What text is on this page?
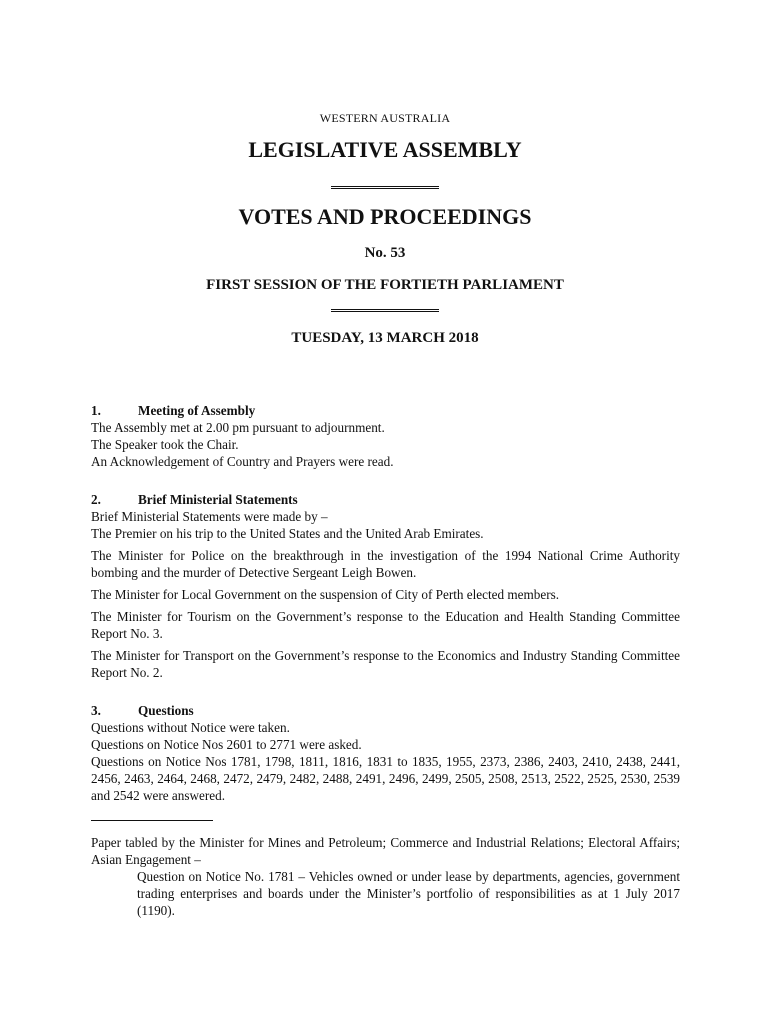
WESTERN AUSTRALIA

LEGISLATIVE ASSEMBLY

VOTES AND PROCEEDINGS

No. 53

FIRST SESSION OF THE FORTIETH PARLIAMENT

TUESDAY, 13 MARCH 2018

1.	Meeting of Assembly

The Assembly met at 2.00 pm pursuant to adjournment.

The Speaker took the Chair.

An Acknowledgement of Country and Prayers were read.

2.	Brief Ministerial Statements

Brief Ministerial Statements were made by –

The Premier on his trip to the United States and the United Arab Emirates.

The Minister for Police on the breakthrough in the investigation of the 1994 National Crime Authority bombing and the murder of Detective Sergeant Leigh Bowen.

The Minister for Local Government on the suspension of City of Perth elected members.

The Minister for Tourism on the Government’s response to the Education and Health Standing Committee Report No. 3.

The Minister for Transport on the Government’s response to the Economics and Industry Standing Committee Report No. 2.

3.	Questions

Questions without Notice were taken.

Questions on Notice Nos 2601 to 2771 were asked.

Questions on Notice Nos 1781, 1798, 1811, 1816, 1831 to 1835, 1955, 2373, 2386, 2403, 2410, 2438, 2441, 2456, 2463, 2464, 2468, 2472, 2479, 2482, 2488, 2491, 2496, 2499, 2505, 2508, 2513, 2522, 2525, 2530, 2539 and 2542 were answered.

Paper tabled by the Minister for Mines and Petroleum; Commerce and Industrial Relations; Electoral Affairs; Asian Engagement –

Question on Notice No. 1781 – Vehicles owned or under lease by departments, agencies, government trading enterprises and boards under the Minister’s portfolio of responsibilities as at 1 July 2017 (1190).
